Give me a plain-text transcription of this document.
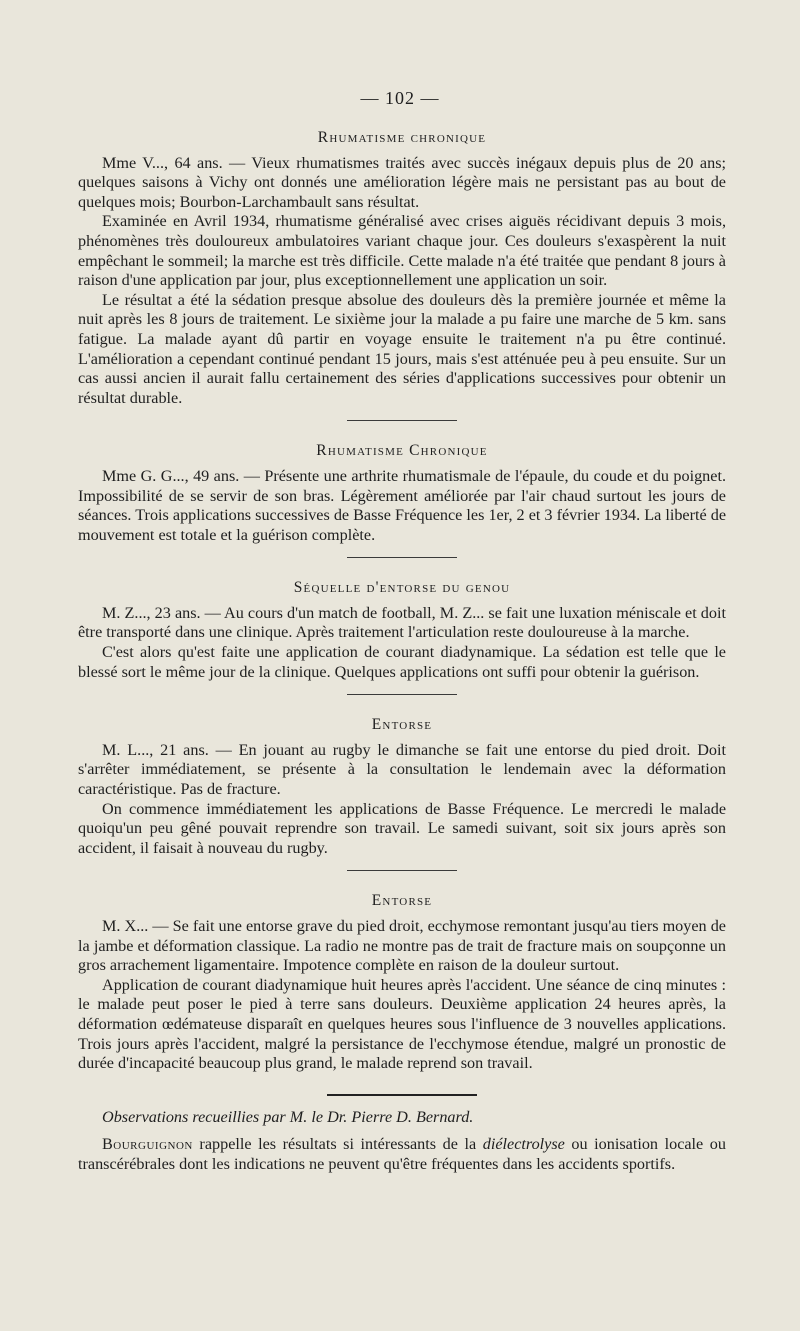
— 102 —
Rhumatisme chronique

Mme V..., 64 ans. — Vieux rhumatismes traités avec succès inégaux depuis plus de 20 ans; quelques saisons à Vichy ont donnés une amélioration légère mais ne persistant pas au bout de quelques mois; Bourbon-Larchambault sans résultat.

Examinée en Avril 1934, rhumatisme généralisé avec crises aiguës récidivant depuis 3 mois, phénomènes très douloureux ambulatoires variant chaque jour. Ces douleurs s'exaspèrent la nuit empêchant le sommeil; la marche est très difficile. Cette malade n'a été traitée que pendant 8 jours à raison d'une application par jour, plus exceptionnellement une application un soir.

Le résultat a été la sédation presque absolue des douleurs dès la première journée et même la nuit après les 8 jours de traitement. Le sixième jour la malade a pu faire une marche de 5 km. sans fatigue. La malade ayant dû partir en voyage ensuite le traitement n'a pu être continué. L'amélioration a cependant continué pendant 15 jours, mais s'est atténuée peu à peu ensuite. Sur un cas aussi ancien il aurait fallu certainement des séries d'applications successives pour obtenir un résultat durable.

Rhumatisme Chronique

Mme G. G..., 49 ans. — Présente une arthrite rhumatismale de l'épaule, du coude et du poignet. Impossibilité de se servir de son bras. Légèrement améliorée par l'air chaud surtout les jours de séances. Trois applications successives de Basse Fréquence les 1er, 2 et 3 février 1934. La liberté de mouvement est totale et la guérison complète.

Séquelle d'entorse du genou

M. Z..., 23 ans. — Au cours d'un match de football, M. Z... se fait une luxation méniscale et doit être transporté dans une clinique. Après traitement l'articulation reste douloureuse à la marche.

C'est alors qu'est faite une application de courant diadynamique. La sédation est telle que le blessé sort le même jour de la clinique. Quelques applications ont suffi pour obtenir la guérison.

Entorse

M. L..., 21 ans. — En jouant au rugby le dimanche se fait une entorse du pied droit. Doit s'arrêter immédiatement, se présente à la consultation le lendemain avec la déformation caractéristique. Pas de fracture.

On commence immédiatement les applications de Basse Fréquence. Le mercredi le malade quoiqu'un peu gêné pouvait reprendre son travail. Le samedi suivant, soit six jours après son accident, il faisait à nouveau du rugby.

Entorse

M. X... — Se fait une entorse grave du pied droit, ecchymose remontant jusqu'au tiers moyen de la jambe et déformation classique. La radio ne montre pas de trait de fracture mais on soupçonne un gros arrachement ligamentaire. Impotence complète en raison de la douleur surtout.

Application de courant diadynamique huit heures après l'accident. Une séance de cinq minutes : le malade peut poser le pied à terre sans douleurs. Deuxième application 24 heures après, la déformation œdémateuse disparaît en quelques heures sous l'influence de 3 nouvelles applications. Trois jours après l'accident, malgré la persistance de l'ecchymose étendue, malgré un pronostic de durée d'incapacité beaucoup plus grand, le malade reprend son travail.

Observations recueillies par M. le Dr. Pierre D. Bernard.

Bourguignon rappelle les résultats si intéressants de la diélectrolyse ou ionisation locale ou transcérébrales dont les indications ne peuvent qu'être fréquentes dans les accidents sportifs.
